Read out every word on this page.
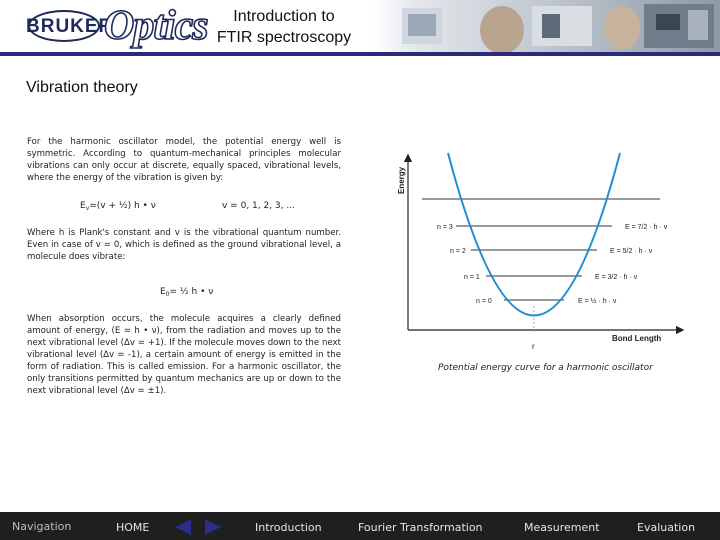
BRUKER
Optics	Introduction to
FTIR spectroscopy
Vibration theory
For the harmonic oscillator model, the potential energy well is symmetric. According to quantum-mechanical principles molecular vibrations can only occur at discrete, equally spaced, vibrational levels, where the energy of the vibration is given by:
$E_v=(v$ + ½) h • ν	v = 0, 1, 2, 3, ...
Where h is Plank's constant and v is the vibrational quantum number. Even in case of v = 0, which is defined as the ground vibrational level, a molecule does vibrate:
$E_0=$ ½ h • ν
When absorption occurs, the molecule acquires a clearly defined amount of energy, (E = h • ν), from the radiation and moves up to the next vibrational level (Δv = +1). If the molecule moves down to the next vibrational level (Δv = -1), a certain amount of energy is emitted in the form of radiation. This is called emission. For a harmonic oscillator, the only transitions permitted by quantum mechanics are up or down to the next vibrational level (Δv = ±1).
Energy
Bond Length
r
n = 3
n = 2
n = 1
n = 0
E = 7/2 · h · ν
E = 5/2 · h · ν
E = 3/2 · h · ν
E = ½ · h · ν
Potential energy curve for a harmonic oscillator
Navigation	HOME	Introduction	Fourier Transformation	Measurement	Evaluation
